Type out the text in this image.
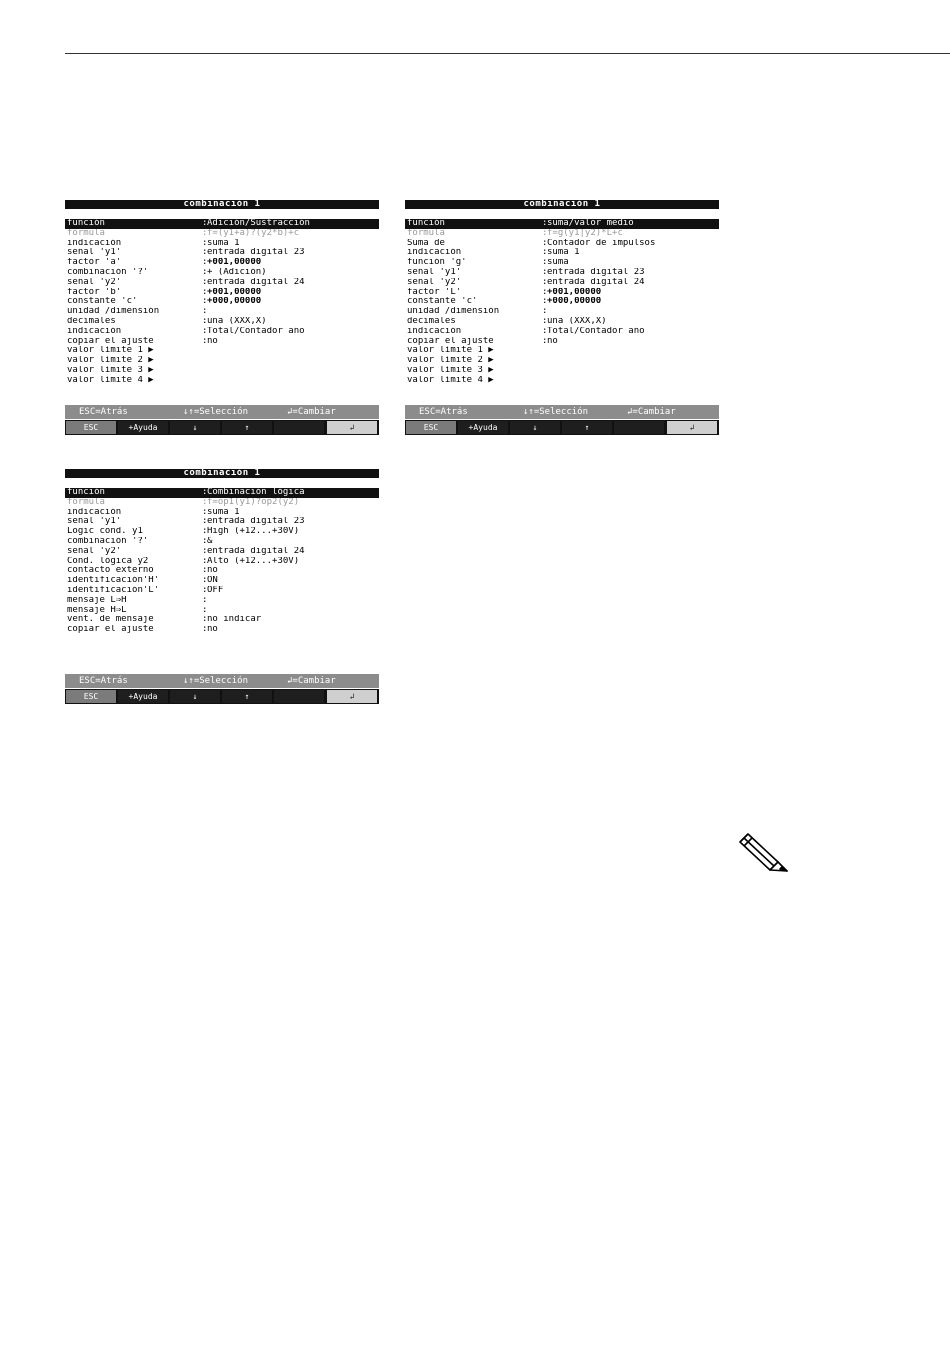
combinación 1
función	: Adición/Sustracción
fórmula	: f=(y1+a)?(y2*b)+c
indicación	: suma 1
señal 'y1'	: entrada digital 23
factor 'a'	: +001,00000
combinación '?'	: + (Adición)
señal 'y2'	: entrada digital 24
factor 'b'	: +001,00000
constante 'c'	: +000,00000
unidad /dimensión	:
decimales	: una (XXX,X)
indicación	: Total/Contador año
copiar el ajuste	: no
valor límite 1 ▶
valor límite 2 ▶
valor límite 3 ▶
valor límite 4 ▶
ESC=Atrás	↓↑=Selección	↲=Cambiar
ESC	+Ayuda	↓	↑	↲
combinación 1
función	: suma/valor medio
fórmula	: f=g(y1|y2)*L+c
Suma de	: Contador de impulsos
indicación	: suma 1
función 'g'	: suma
señal 'y1'	: entrada digital 23
señal 'y2'	: entrada digital 24
factor 'L'	: +001,00000
constante 'c'	: +000,00000
unidad /dimensión	:
decimales	: una (XXX,X)
indicación	: Total/Contador año
copiar el ajuste	: no
valor límite 1 ▶
valor límite 2 ▶
valor límite 3 ▶
valor límite 4 ▶
ESC=Atrás	↓↑=Selección	↲=Cambiar
ESC	+Ayuda	↓	↑	↲
combinación 1
función	: Combinación lógica
fórmula	: f=op1(y1)?op2(y2)
indicación	: suma 1
señal 'y1'	: entrada digital 23
Logic cond. y1	: High (+12...+30V)
combinación '?'	: &
señal 'y2'	: entrada digital 24
Cond. lógica y2	: Alto (+12...+30V)
contacto externo	: no
identificación'H'	: ON
identificación'L'	: OFF
mensaje L⇒H	:
mensaje H⇒L	:
vent. de mensaje	: no indicar
copiar el ajuste	: no
ESC=Atrás	↓↑=Selección	↲=Cambiar
ESC	+Ayuda	↓	↑	↲
